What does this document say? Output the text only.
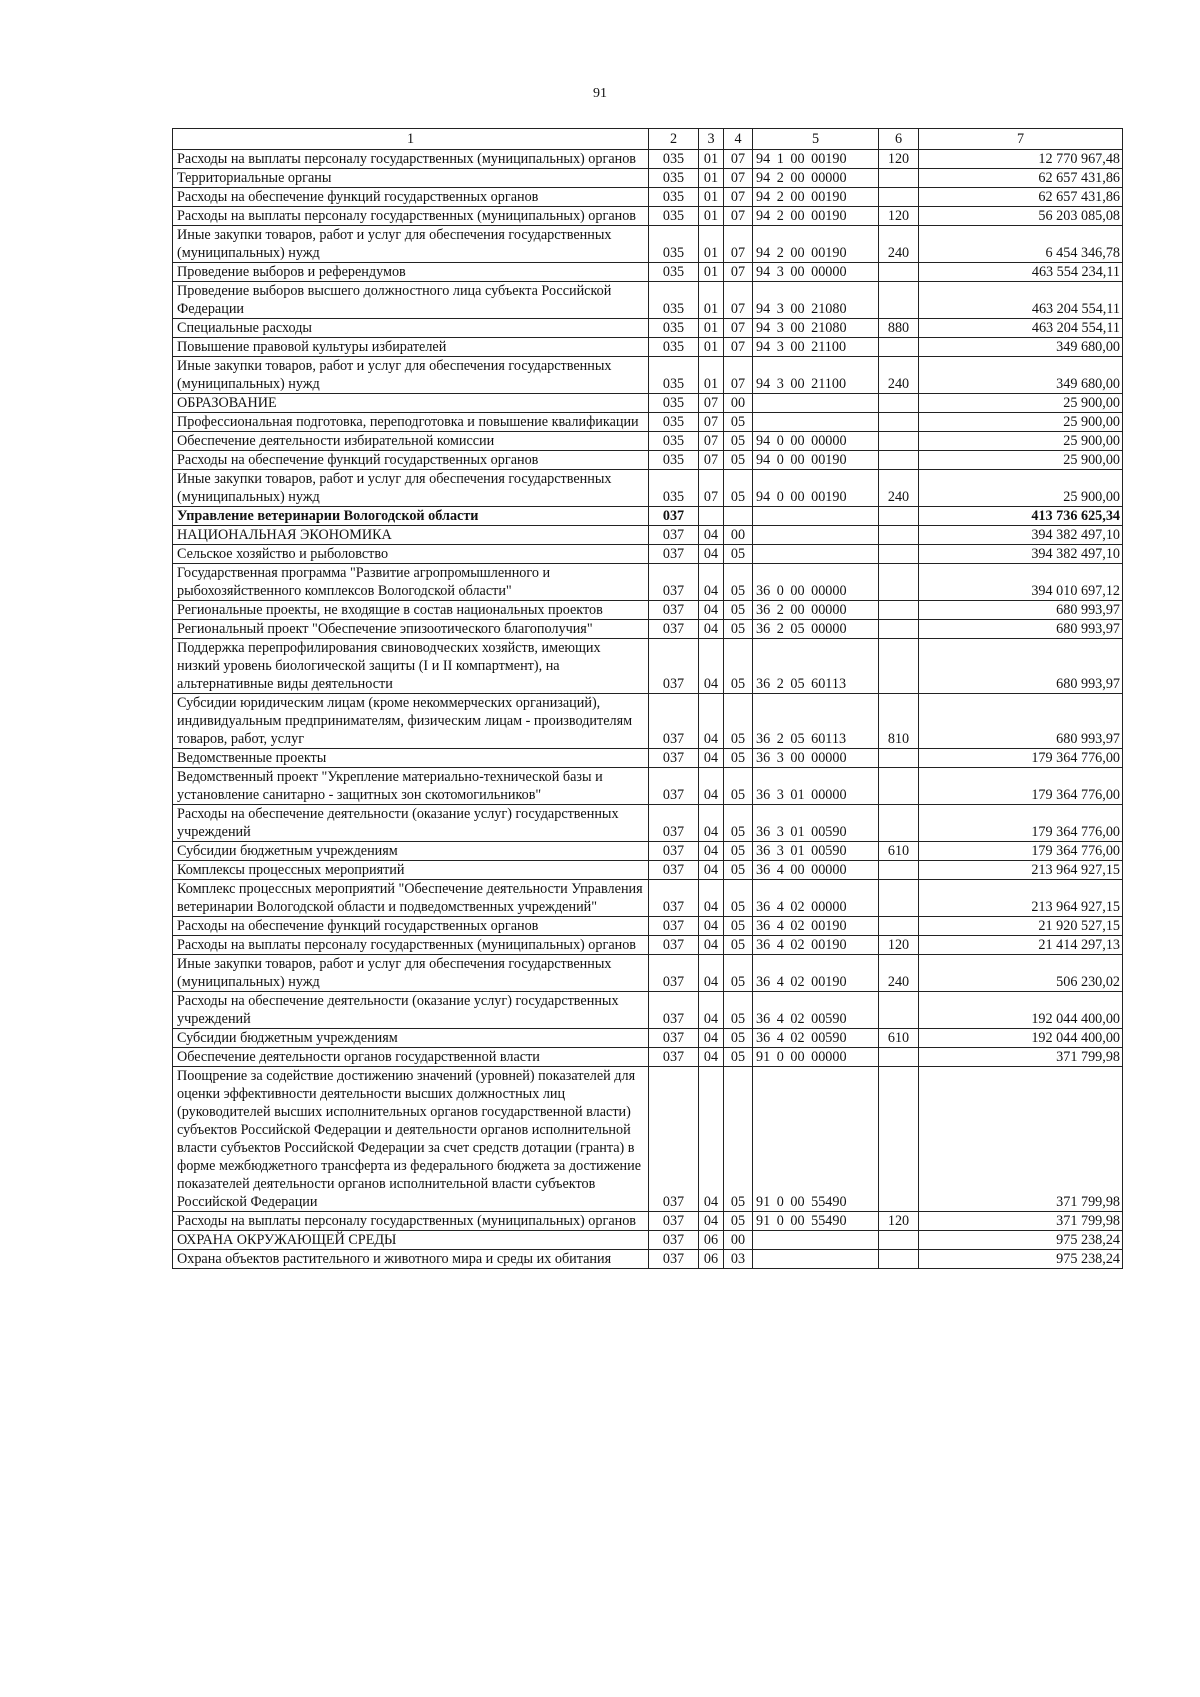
91
1	2	3	4	5	6	7
Расходы на выплаты персоналу государственных (муниципальных) органов	035	01	07	94 1 00 00190	120	12 770 967,48
Территориальные органы	035	01	07	94 2 00 00000		62 657 431,86
Расходы на обеспечение функций государственных органов	035	01	07	94 2 00 00190		62 657 431,86
Расходы на выплаты персоналу государственных (муниципальных) органов	035	01	07	94 2 00 00190	120	56 203 085,08
Иные закупки товаров, работ и услуг для обеспечения государственных (муниципальных) нужд	035	01	07	94 2 00 00190	240	6 454 346,78
Проведение выборов и референдумов	035	01	07	94 3 00 00000		463 554 234,11
Проведение выборов высшего должностного лица субъекта Российской Федерации	035	01	07	94 3 00 21080		463 204 554,11
Специальные расходы	035	01	07	94 3 00 21080	880	463 204 554,11
Повышение правовой культуры избирателей	035	01	07	94 3 00 21100		349 680,00
Иные закупки товаров, работ и услуг для обеспечения государственных (муниципальных) нужд	035	01	07	94 3 00 21100	240	349 680,00
ОБРАЗОВАНИЕ	035	07	00			25 900,00
Профессиональная подготовка, переподготовка и повышение квалификации	035	07	05			25 900,00
Обеспечение деятельности избирательной комиссии	035	07	05	94 0 00 00000		25 900,00
Расходы на обеспечение функций государственных органов	035	07	05	94 0 00 00190		25 900,00
Иные закупки товаров, работ и услуг для обеспечения государственных (муниципальных) нужд	035	07	05	94 0 00 00190	240	25 900,00
Управление ветеринарии Вологодской области	037					413 736 625,34
НАЦИОНАЛЬНАЯ ЭКОНОМИКА	037	04	00			394 382 497,10
Сельское хозяйство и рыболовство	037	04	05			394 382 497,10
Государственная программа "Развитие агропромышленного и рыбохозяйственного комплексов Вологодской области"	037	04	05	36 0 00 00000		394 010 697,12
Региональные проекты, не входящие в состав национальных проектов	037	04	05	36 2 00 00000		680 993,97
Региональный проект "Обеспечение эпизоотического благополучия"	037	04	05	36 2 05 00000		680 993,97
Поддержка перепрофилирования свиноводческих хозяйств, имеющих низкий уровень биологической защиты (I и II компартмент), на альтернативные виды деятельности	037	04	05	36 2 05 60113		680 993,97
Субсидии юридическим лицам (кроме некоммерческих организаций), индивидуальным предпринимателям, физическим лицам - производителям товаров, работ, услуг	037	04	05	36 2 05 60113	810	680 993,97
Ведомственные проекты	037	04	05	36 3 00 00000		179 364 776,00
Ведомственный проект "Укрепление материально-технической базы и установление санитарно - защитных зон скотомогильников"	037	04	05	36 3 01 00000		179 364 776,00
Расходы на обеспечение деятельности (оказание услуг) государственных учреждений	037	04	05	36 3 01 00590		179 364 776,00
Субсидии бюджетным учреждениям	037	04	05	36 3 01 00590	610	179 364 776,00
Комплексы процессных мероприятий	037	04	05	36 4 00 00000		213 964 927,15
Комплекс процессных мероприятий "Обеспечение деятельности Управления ветеринарии Вологодской области и подведомственных учреждений"	037	04	05	36 4 02 00000		213 964 927,15
Расходы на обеспечение функций государственных органов	037	04	05	36 4 02 00190		21 920 527,15
Расходы на выплаты персоналу государственных (муниципальных) органов	037	04	05	36 4 02 00190	120	21 414 297,13
Иные закупки товаров, работ и услуг для обеспечения государственных (муниципальных) нужд	037	04	05	36 4 02 00190	240	506 230,02
Расходы на обеспечение деятельности (оказание услуг) государственных учреждений	037	04	05	36 4 02 00590		192 044 400,00
Субсидии бюджетным учреждениям	037	04	05	36 4 02 00590	610	192 044 400,00
Обеспечение деятельности органов государственной власти	037	04	05	91 0 00 00000		371 799,98
Поощрение за содействие достижению значений (уровней) показателей для оценки эффективности деятельности высших должностных лиц (руководителей высших исполнительных органов государственной власти) субъектов Российской Федерации и деятельности органов исполнительной власти субъектов Российской Федерации за счет средств дотации (гранта) в форме межбюджетного трансферта из федерального бюджета за достижение показателей деятельности органов исполнительной власти субъектов Российской Федерации	037	04	05	91 0 00 55490		371 799,98
Расходы на выплаты персоналу государственных (муниципальных) органов	037	04	05	91 0 00 55490	120	371 799,98
ОХРАНА ОКРУЖАЮЩЕЙ СРЕДЫ	037	06	00			975 238,24
Охрана объектов растительного и животного мира и среды их обитания	037	06	03			975 238,24
